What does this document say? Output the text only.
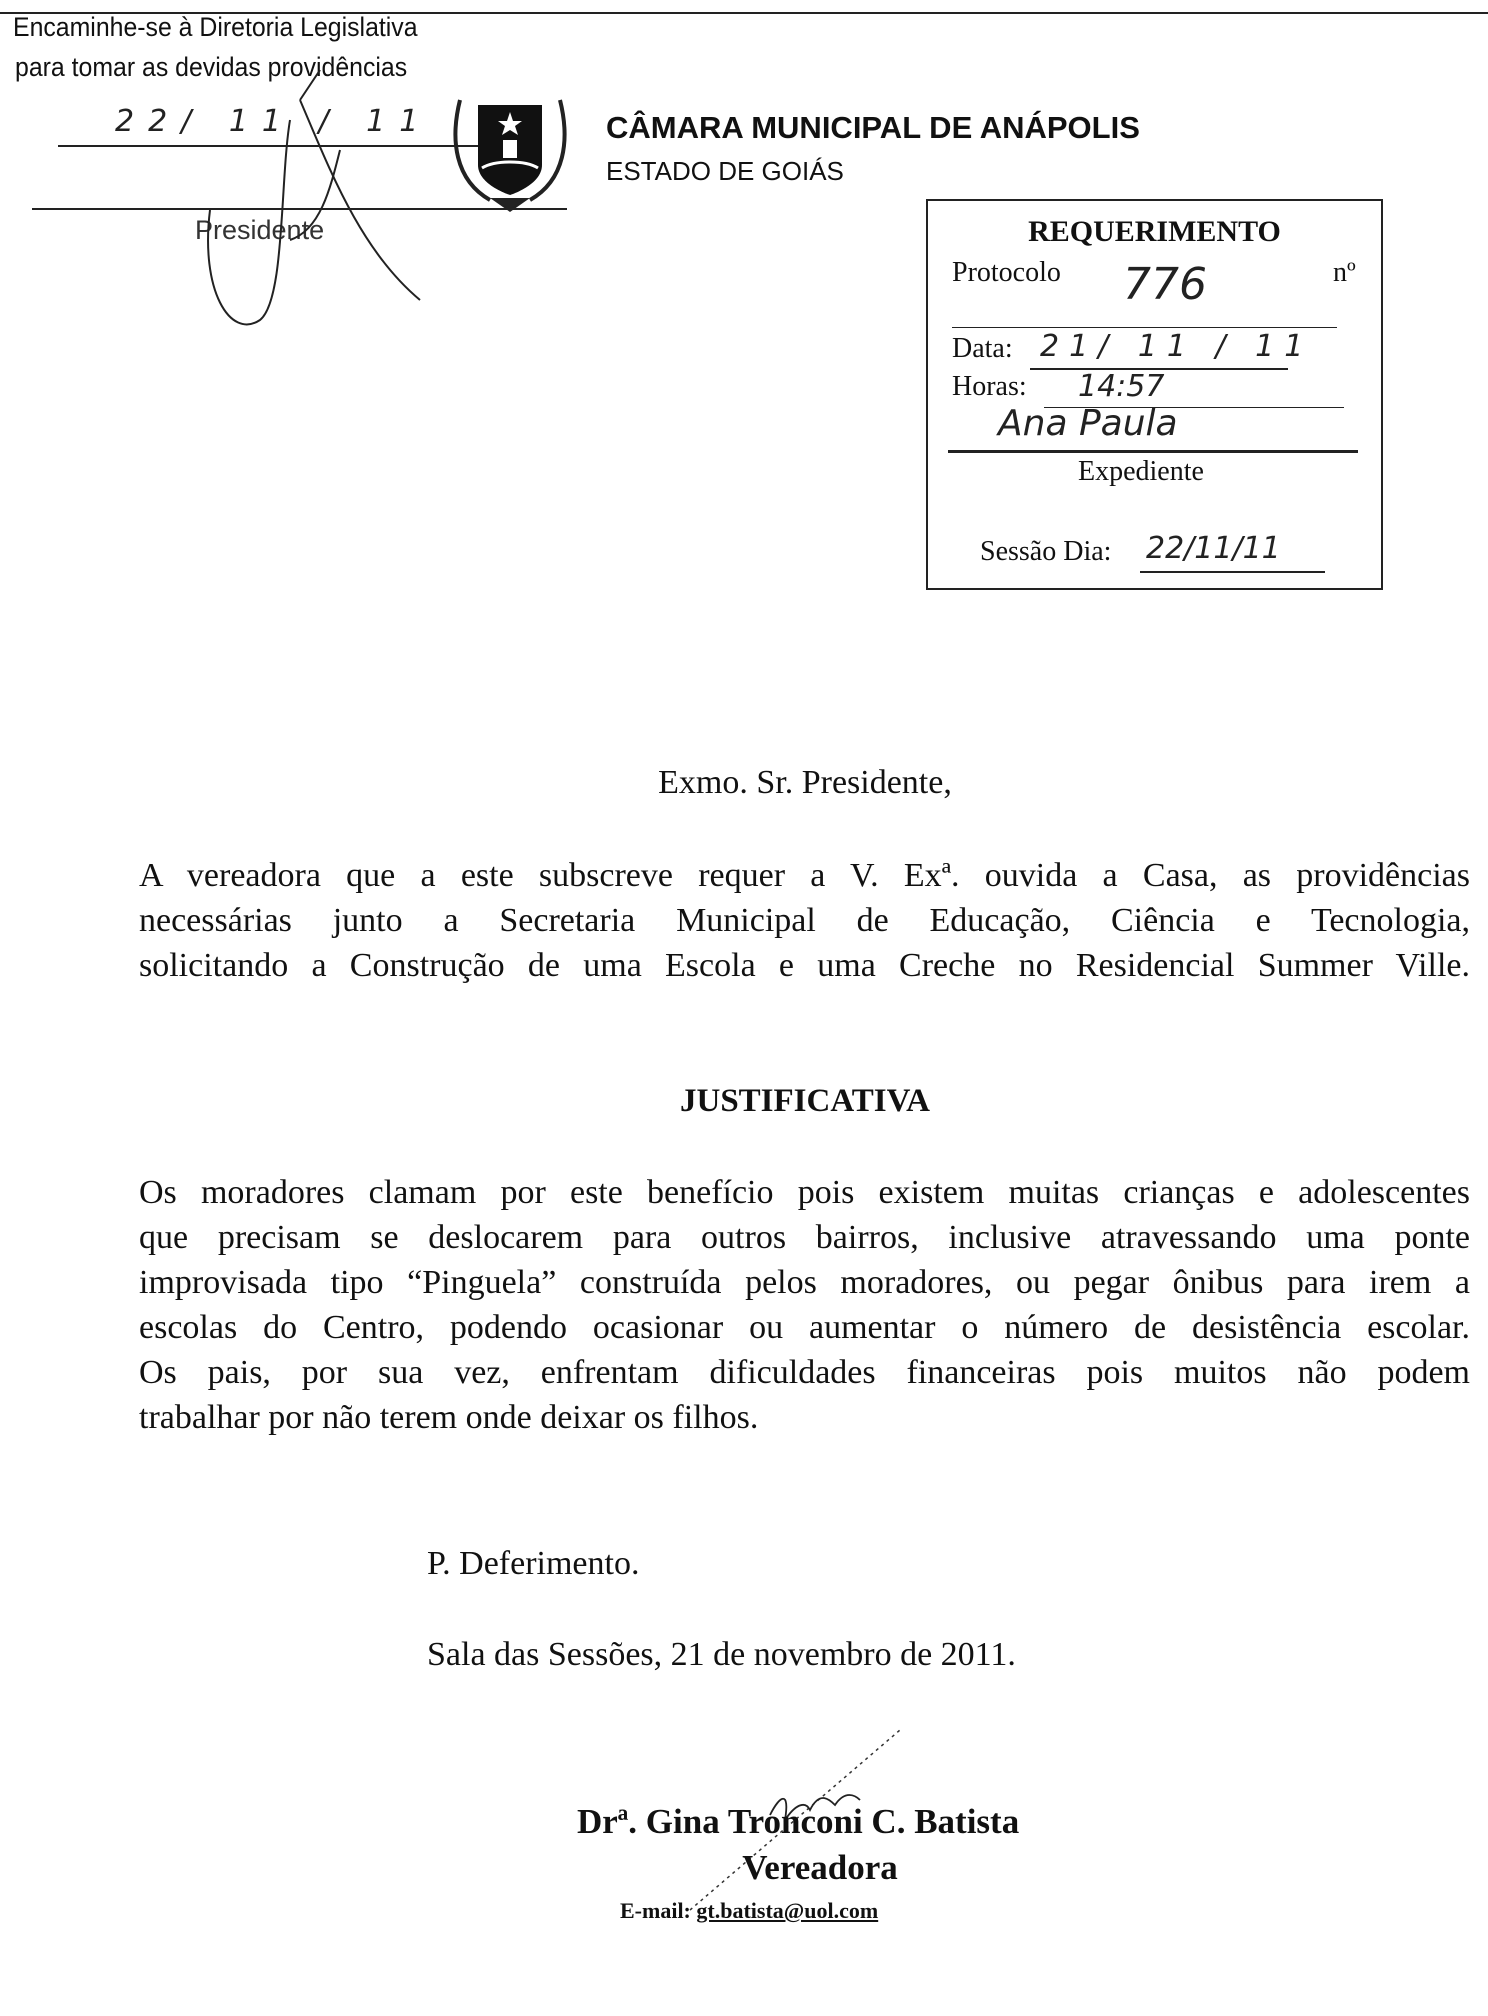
Encaminhe-se à Diretoria Legislativa
para tomar as devidas providências
22/ 11 / 11
Presidente
CÂMARA MUNICIPAL DE ANÁPOLIS
ESTADO DE GOIÁS
REQUERIMENTO
Protocolo 776	nº
Data: 21/ 11 / 11
Horas: 14:57
Ana Paula
Expediente
Sessão Dia: 22/11/11
Exmo. Sr. Presidente,
A vereadora que a este subscreve requer a V. Exª. ouvida a Casa, as providências
necessárias junto a Secretaria Municipal de Educação, Ciência e Tecnologia,
solicitando a Construção de uma Escola e uma Creche no Residencial Summer Ville.
JUSTIFICATIVA
Os moradores clamam por este benefício pois existem muitas crianças e adolescentes
que precisam se deslocarem para outros bairros, inclusive atravessando uma ponte
improvisada tipo “Pinguela” construída pelos moradores, ou pegar ônibus para irem a
escolas do Centro, podendo ocasionar ou aumentar o número de desistência escolar.
Os pais, por sua vez, enfrentam dificuldades financeiras pois muitos não podem
trabalhar por não terem onde deixar os filhos.
P. Deferimento.
Sala das Sessões, 21 de novembro de 2011.
Drª. Gina Tronconi C. Batista
Vereadora
E-mail: gt.batista@uol.com
